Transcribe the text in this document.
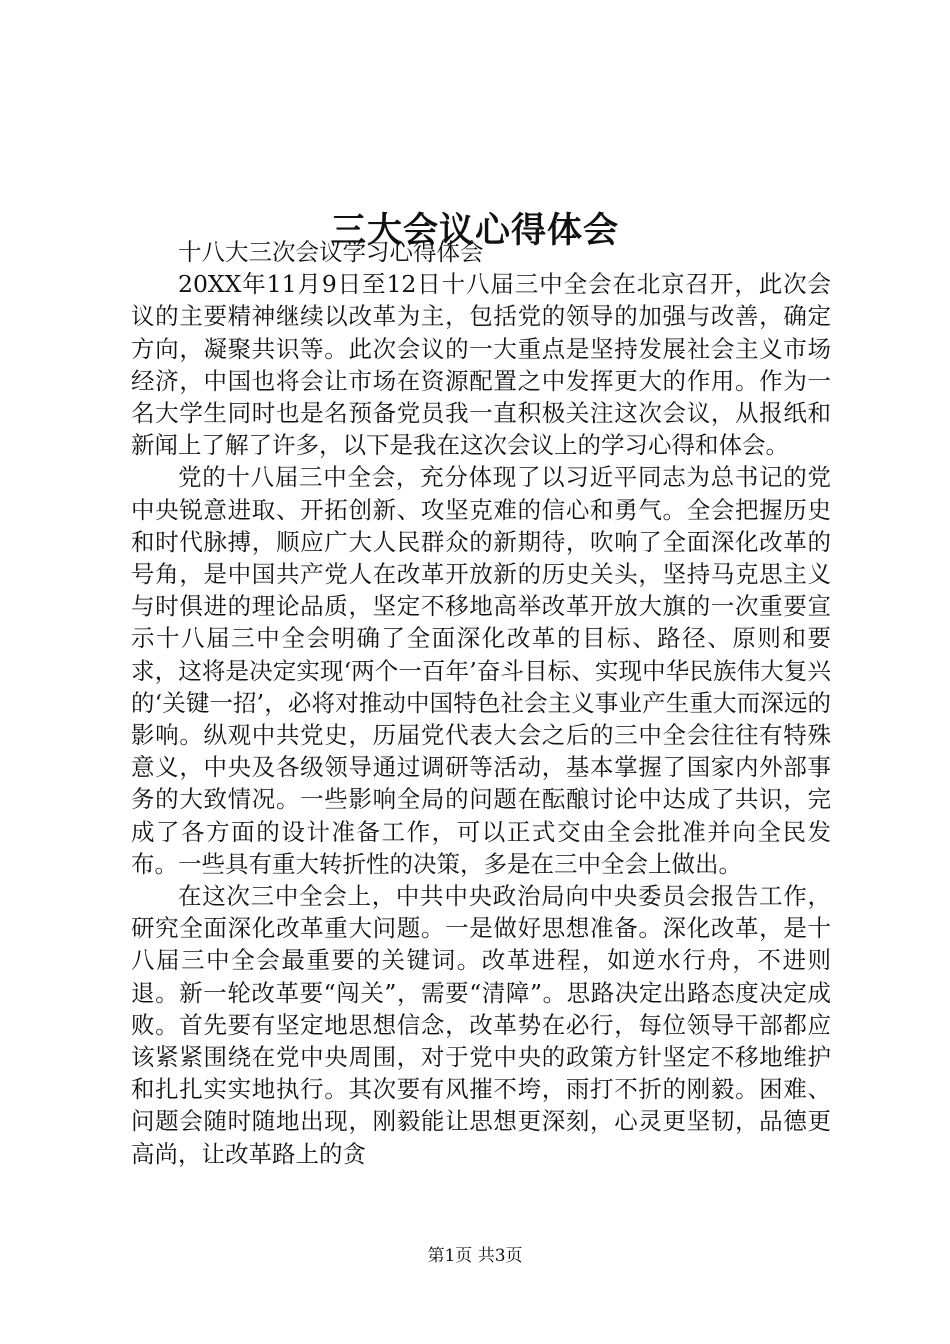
三大会议心得体会

十八大三次会议学习心得体会

20XX年11月9日至12日十八届三中全会在北京召开，此次会议的主要精神继续以改革为主，包括党的领导的加强与改善，确定方向，凝聚共识等。此次会议的一大重点是坚持发展社会主义市场经济，中国也将会让市场在资源配置之中发挥更大的作用。作为一名大学生同时也是名预备党员我一直积极关注这次会议，从报纸和新闻上了解了许多，以下是我在这次会议上的学习心得和体会。

党的十八届三中全会，充分体现了以习近平同志为总书记的党中央锐意进取、开拓创新、攻坚克难的信心和勇气。全会把握历史和时代脉搏，顺应广大人民群众的新期待，吹响了全面深化改革的号角，是中国共产党人在改革开放新的历史关头，坚持马克思主义与时俱进的理论品质，坚定不移地高举改革开放大旗的一次重要宣示十八届三中全会明确了全面深化改革的目标、路径、原则和要求，这将是决定实现‘两个一百年’奋斗目标、实现中华民族伟大复兴的‘关键一招’，必将对推动中国特色社会主义事业产生重大而深远的影响。纵观中共党史，历届党代表大会之后的三中全会往往有特殊意义，中央及各级领导通过调研等活动，基本掌握了国家内外部事务的大致情况。一些影响全局的问题在酝酿讨论中达成了共识，完成了各方面的设计准备工作，可以正式交由全会批准并向全民发布。一些具有重大转折性的决策，多是在三中全会上做出。

在这次三中全会上，中共中央政治局向中央委员会报告工作，研究全面深化改革重大问题。一是做好思想准备。深化改革，是十八届三中全会最重要的关键词。改革进程，如逆水行舟，不进则退。新一轮改革要“闯关”，需要“清障”。思路决定出路态度决定成败。首先要有坚定地思想信念，改革势在必行，每位领导干部都应该紧紧围绕在党中央周围，对于党中央的政策方针坚定不移地维护和扎扎实实地执行。其次要有风摧不垮，雨打不折的刚毅。困难、问题会随时随地出现，刚毅能让思想更深刻，心灵更坚韧，品德更高尚，让改革路上的贪

第1页 共3页
